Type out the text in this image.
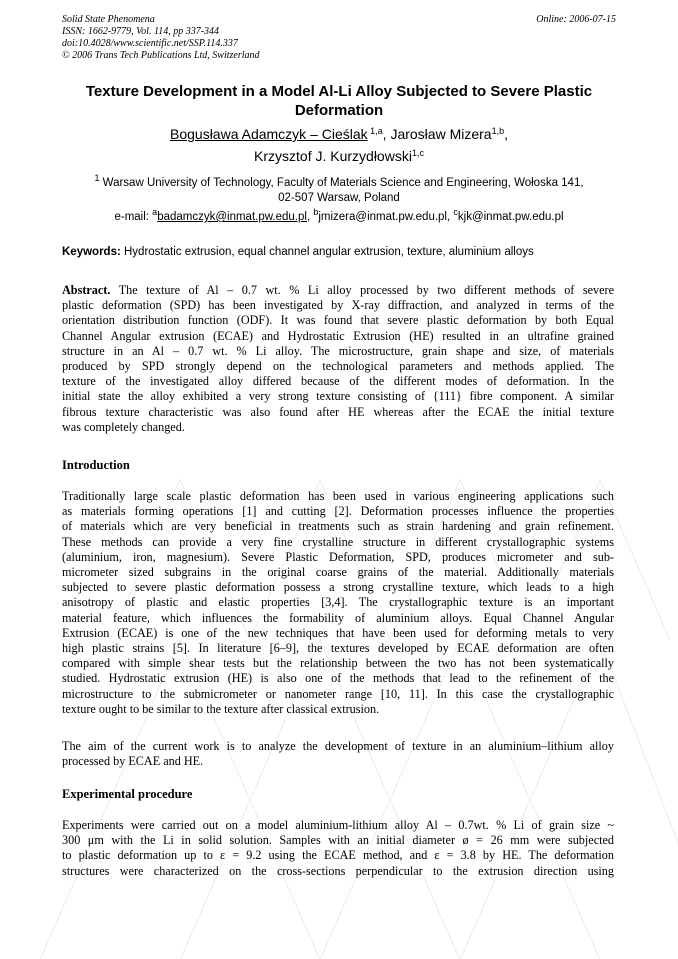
Solid State Phenomena
ISSN: 1662-9779, Vol. 114, pp 337-344
doi:10.4028/www.scientific.net/SSP.114.337
© 2006 Trans Tech Publications Ltd, Switzerland
Online: 2006-07-15
Texture Development in a Model Al-Li Alloy Subjected to Severe Plastic
Deformation
Bogusława Adamczyk – Cieślak $^{1,a}$, Jarosław Mizera$^{1,b}$,
Krzysztof J. Kurzydłowski$^{1,c}$
$^1$ Warsaw University of Technology, Faculty of Materials Science and Engineering, Wołoska 141,
02-507 Warsaw, Poland
e-mail: $^a$badamczyk@inmat.pw.edu.pl, $^b$jmizera@inmat.pw.edu.pl, $^c$kjk@inmat.pw.edu.pl
Keywords: Hydrostatic extrusion, equal channel angular extrusion, texture, aluminium alloys
Abstract. The texture of Al – 0.7 wt. % Li alloy processed by two different methods of severe
plastic deformation (SPD) has been investigated by X-ray diffraction, and analyzed in terms of the
orientation distribution function (ODF). It was found that severe plastic deformation by both Equal
Channel Angular extrusion (ECAE) and Hydrostatic Extrusion (HE) resulted in an ultrafine grained
structure in an Al – 0.7 wt. % Li alloy. The microstructure, grain shape and size, of materials
produced by SPD strongly depend on the technological parameters and methods applied. The
texture of the investigated alloy differed because of the different modes of deformation. In the
initial state the alloy exhibited a very strong texture consisting of {111} fibre component. A similar
fibrous texture characteristic was also found after HE whereas after the ECAE the initial texture
was completely changed.
Introduction
Traditionally large scale plastic deformation has been used in various engineering applications such
as materials forming operations [1] and cutting [2]. Deformation processes influence the properties
of materials which are very beneficial in treatments such as strain hardening and grain refinement.
These methods can provide a very fine crystalline structure in different crystallographic systems
(aluminium, iron, magnesium). Severe Plastic Deformation, SPD, produces micrometer and sub-
micrometer sized subgrains in the original coarse grains of the material. Additionally materials
subjected to severe plastic deformation possess a strong crystalline texture, which leads to a high
anisotropy of plastic and elastic properties [3,4]. The crystallographic texture is an important
material feature, which influences the formability of aluminium alloys. Equal Channel Angular
Extrusion (ECAE) is one of the new techniques that have been used for deforming metals to very
high plastic strains [5]. In literature [6–9], the textures developed by ECAE deformation are often
compared with simple shear tests but the relationship between the two has not been systematically
studied. Hydrostatic extrusion (HE) is also one of the methods that lead to the refinement of the
microstructure to the submicrometer or nanometer range [10, 11]. In this case the crystallographic
texture ought to be similar to the texture after classical extrusion.
The aim of the current work is to analyze the development of texture in an aluminium–lithium alloy
processed by ECAE and HE.
Experimental procedure
Experiments were carried out on a model aluminium-lithium alloy Al – 0.7wt. % Li of grain size ~
300 μm with the Li in solid solution. Samples with an initial diameter ø = 26 mm were subjected
to plastic deformation up to ε = 9.2 using the ECAE method, and ε = 3.8 by HE. The deformation
structures were characterized on the cross-sections perpendicular to the extrusion direction using
